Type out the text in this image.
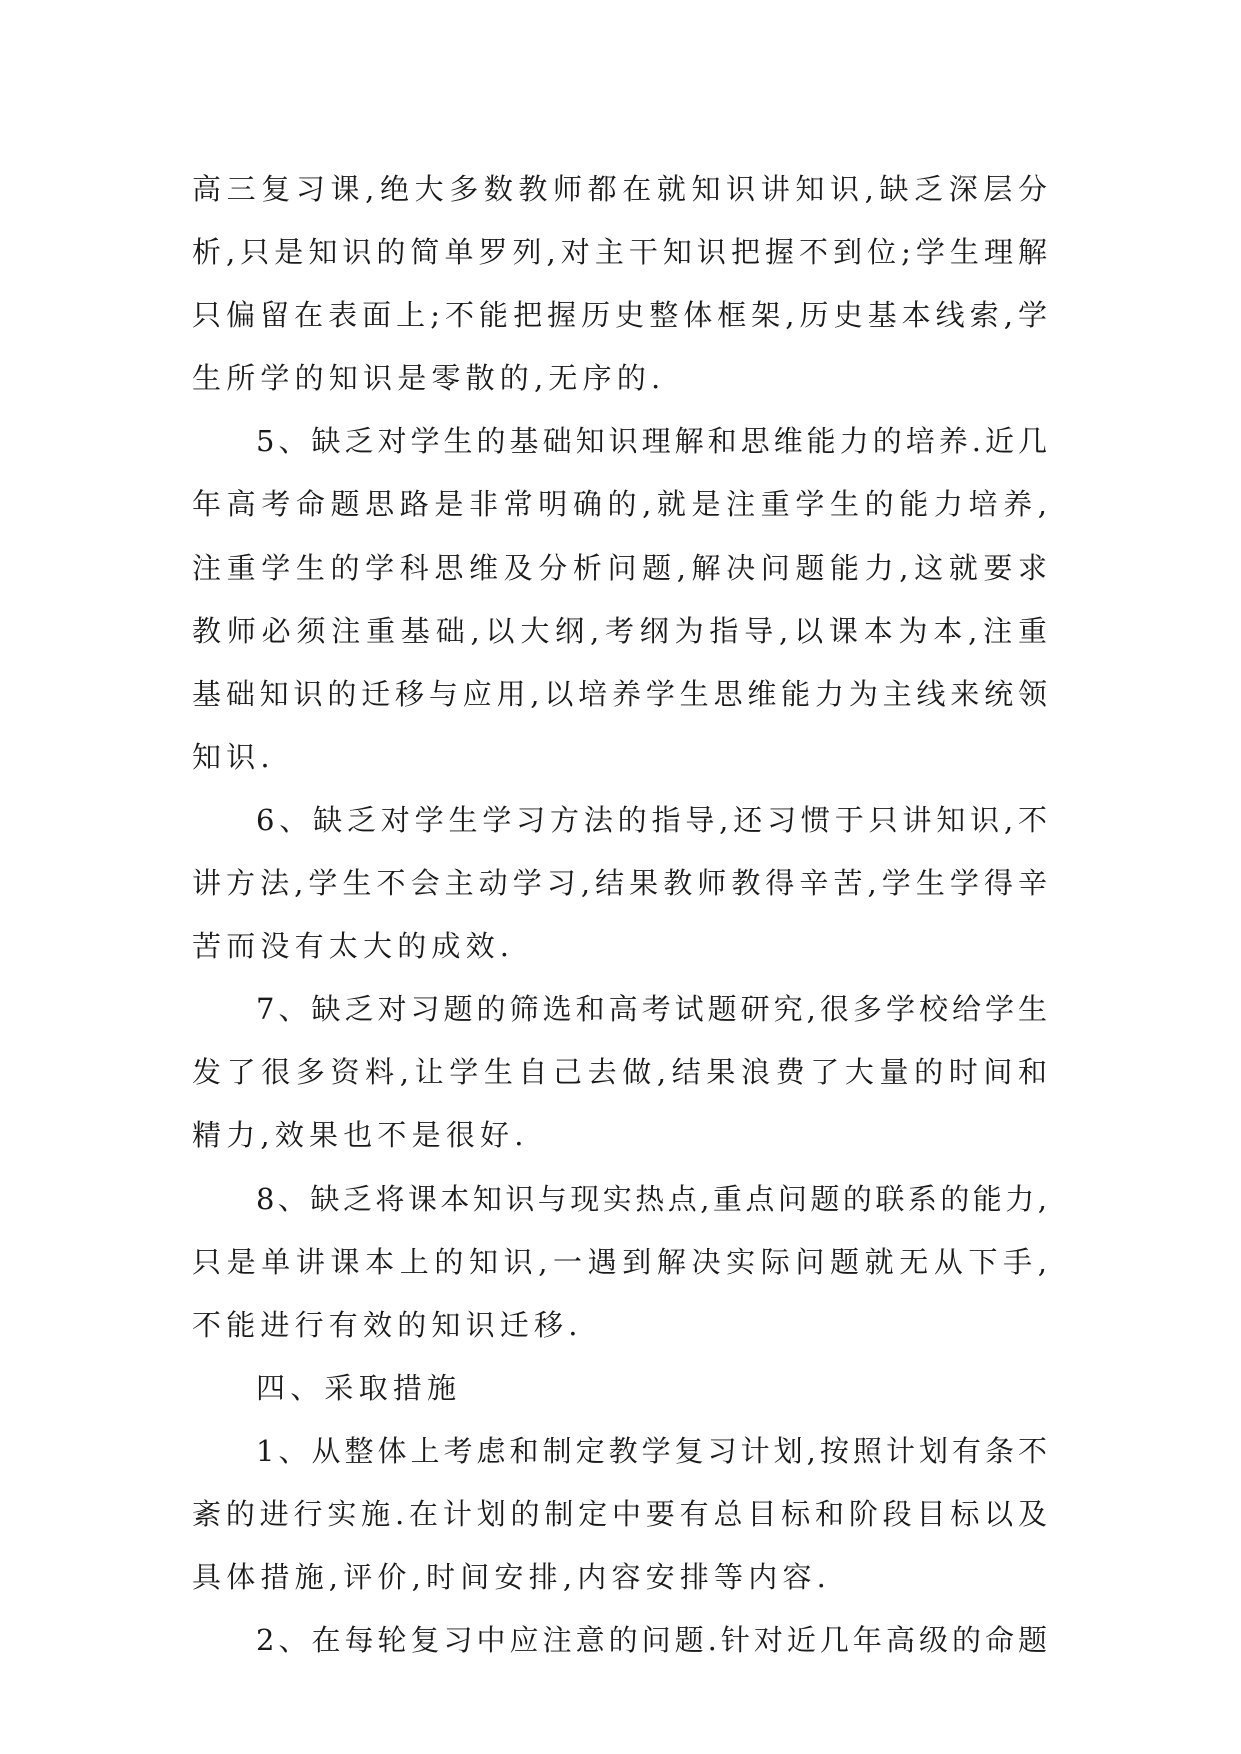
高三复习课,绝大多数教师都在就知识讲知识,缺乏深层分
析,只是知识的简单罗列,对主干知识把握不到位;学生理解
只偏留在表面上;不能把握历史整体框架,历史基本线索,学
生所学的知识是零散的,无序的.
5、缺乏对学生的基础知识理解和思维能力的培养.近几
年高考命题思路是非常明确的,就是注重学生的能力培养,
注重学生的学科思维及分析问题,解决问题能力,这就要求
教师必须注重基础,以大纲,考纲为指导,以课本为本,注重
基础知识的迁移与应用,以培养学生思维能力为主线来统领
知识.
6、缺乏对学生学习方法的指导,还习惯于只讲知识,不
讲方法,学生不会主动学习,结果教师教得辛苦,学生学得辛
苦而没有太大的成效.
7、缺乏对习题的筛选和高考试题研究,很多学校给学生
发了很多资料,让学生自己去做,结果浪费了大量的时间和
精力,效果也不是很好.
8、缺乏将课本知识与现实热点,重点问题的联系的能力,
只是单讲课本上的知识,一遇到解决实际问题就无从下手,
不能进行有效的知识迁移.
四、采取措施
1、从整体上考虑和制定教学复习计划,按照计划有条不
紊的进行实施.在计划的制定中要有总目标和阶段目标以及
具体措施,评价,时间安排,内容安排等内容.
2、在每轮复习中应注意的问题.针对近几年高级的命题
